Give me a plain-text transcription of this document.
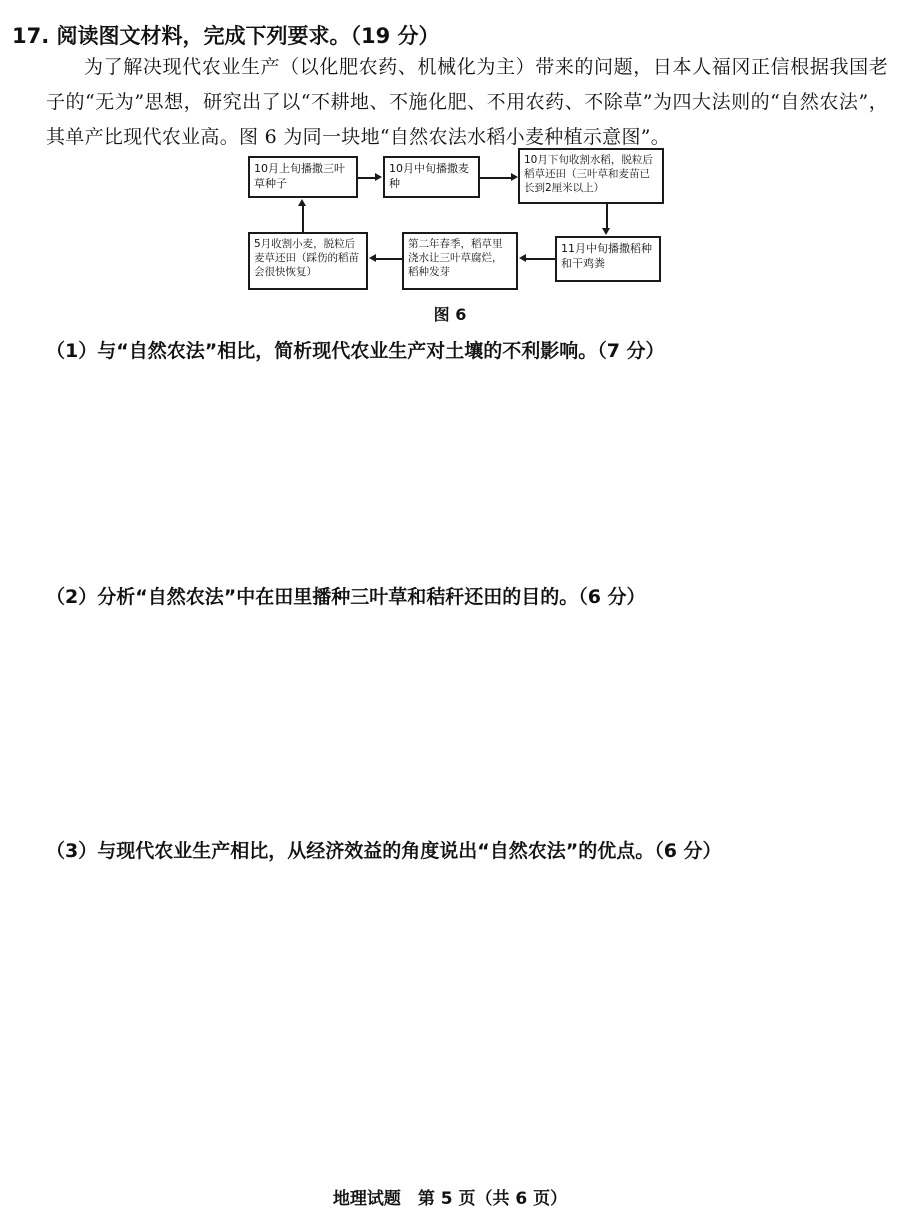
17. 阅读图文材料，完成下列要求。（19 分）
为了解决现代农业生产（以化肥农药、机械化为主）带来的问题，日本人福冈正信根据我国老子的“无为”思想，研究出了以“不耕地、不施化肥、不用农药、不除草”为四大法则的“自然农法”，其单产比现代农业高。图 6 为同一块地“自然农法水稻小麦种植示意图”。
10月上旬播撒三叶草种子
10月中旬播撒麦种
10月下旬收割水稻，脱粒后稻草还田（三叶草和麦苗已长到2厘米以上）
5月收割小麦，脱粒后麦草还田（踩伤的稻苗会很快恢复）
第二年春季，稻草里浇水让三叶草腐烂，稻种发芽
11月中旬播撒稻种和干鸡粪
图 6
（1）与“自然农法”相比，简析现代农业生产对土壤的不利影响。（7 分）
（2）分析“自然农法”中在田里播种三叶草和秸秆还田的目的。（6 分）
（3）与现代农业生产相比，从经济效益的角度说出“自然农法”的优点。（6 分）
地理试题　第 5 页（共 6 页）
